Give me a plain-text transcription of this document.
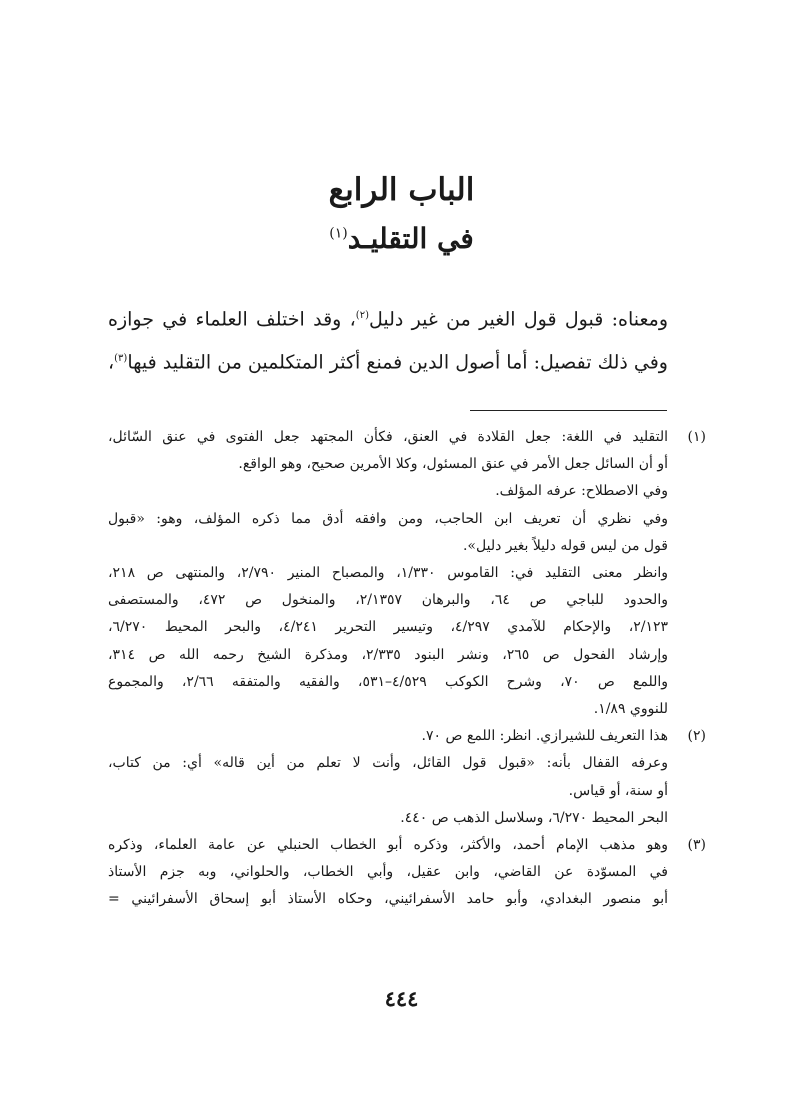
الباب الرابع
في التقليـد$^{(١)}$
ومعناه: قبول قول الغير من غير دليل$^{(٢)}$، وقد اختلف العلماء في جوازه
وفي ذلك تفصيل: أما أصول الدين فمنع أكثر المتكلمين من التقليد فيها$^{(٣)}$،
(١)
التقليد في اللغة: جعل القلادة في العنق، فكأن المجتهد جعل الفتوى في عنق السّائل،
أو أن السائل جعل الأمر في عنق المسئول، وكلا الأمرين صحيح، وهو الواقع.
وفي الاصطلاح: عرفه المؤلف.
وفي نظري أن تعريف ابن الحاجب، ومن وافقه أدق مما ذكره المؤلف، وهو: «قبول
قول من ليس قوله دليلاً بغير دليل».
وانظر معنى التقليد في: القاموس ١/٣٣٠، والمصباح المنير ٢/٧٩٠، والمنتهى ص ٢١٨،
والحدود للباجي ص ٦٤، والبرهان ٢/١٣٥٧، والمنخول ص ٤٧٢، والمستصفى
٢/١٢٣، والإحكام للآمدي ٤/٢٩٧، وتيسير التحرير ٤/٢٤١، والبحر المحيط ٦/٢٧٠،
وإرشاد الفحول ص ٢٦٥، ونشر البنود ٢/٣٣٥، ومذكرة الشيخ رحمه الله ص ٣١٤،
واللمع ص ٧٠، وشرح الكوكب ٤/٥٢٩–٥٣١، والفقيه والمتفقه ٢/٦٦، والمجموع
للنووي ١/٨٩.
(٢)
هذا التعريف للشيرازي. انظر: اللمع ص ٧٠.
وعرفه القفال بأنه: «قبول قول القائل، وأنت لا تعلم من أين قاله» أي: من كتاب،
أو سنة، أو قياس.
البحر المحيط ٦/٢٧٠، وسلاسل الذهب ص ٤٤٠.
(٣)
وهو مذهب الإمام أحمد، والأكثر، وذكره أبو الخطاب الحنبلي عن عامة العلماء، وذكره
في المسوّدة عن القاضي، وابن عقيل، وأبي الخطاب، والحلواني، وبه جزم الأستاذ
أبو منصور البغدادي، وأبو حامد الأسفرائيني، وحكاه الأستاذ أبو إسحاق الأسفرائيني =
٤٤٤
